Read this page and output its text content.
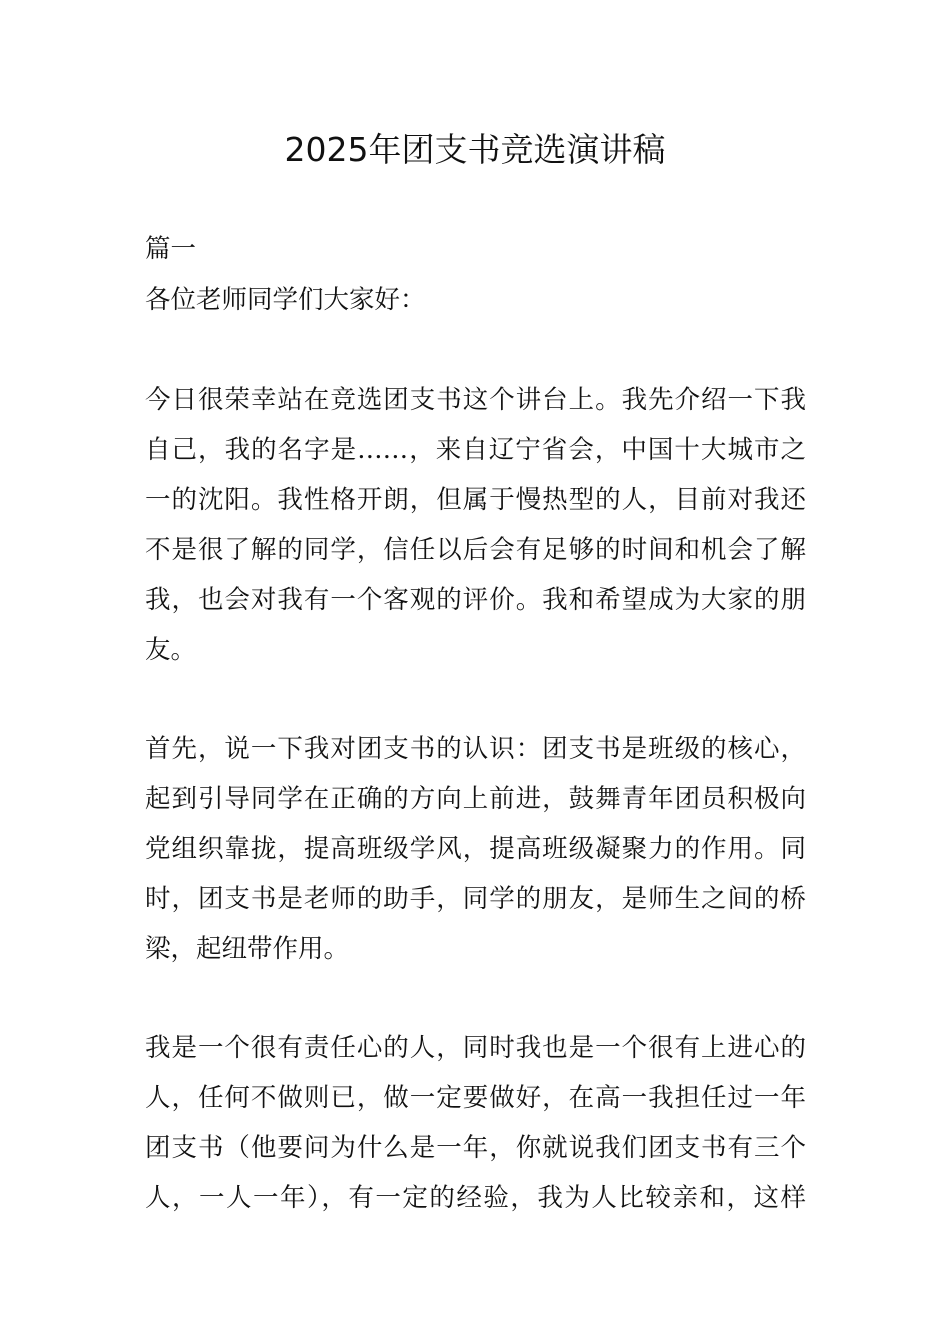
2025年团支书竞选演讲稿
篇一
各位老师同学们大家好：
今日很荣幸站在竞选团支书这个讲台上。我先介绍一下我
自己，我的名字是……，来自辽宁省会，中国十大城市之
一的沈阳。我性格开朗，但属于慢热型的人，目前对我还
不是很了解的同学，信任以后会有足够的时间和机会了解
我，也会对我有一个客观的评价。我和希望成为大家的朋
友。
首先，说一下我对团支书的认识：团支书是班级的核心，
起到引导同学在正确的方向上前进，鼓舞青年团员积极向
党组织靠拢，提高班级学风，提高班级凝聚力的作用。同
时，团支书是老师的助手，同学的朋友，是师生之间的桥
梁，起纽带作用。
我是一个很有责任心的人，同时我也是一个很有上进心的
人，任何不做则已，做一定要做好，在高一我担任过一年
团支书（他要问为什么是一年，你就说我们团支书有三个
人，一人一年），有一定的经验，我为人比较亲和，这样
